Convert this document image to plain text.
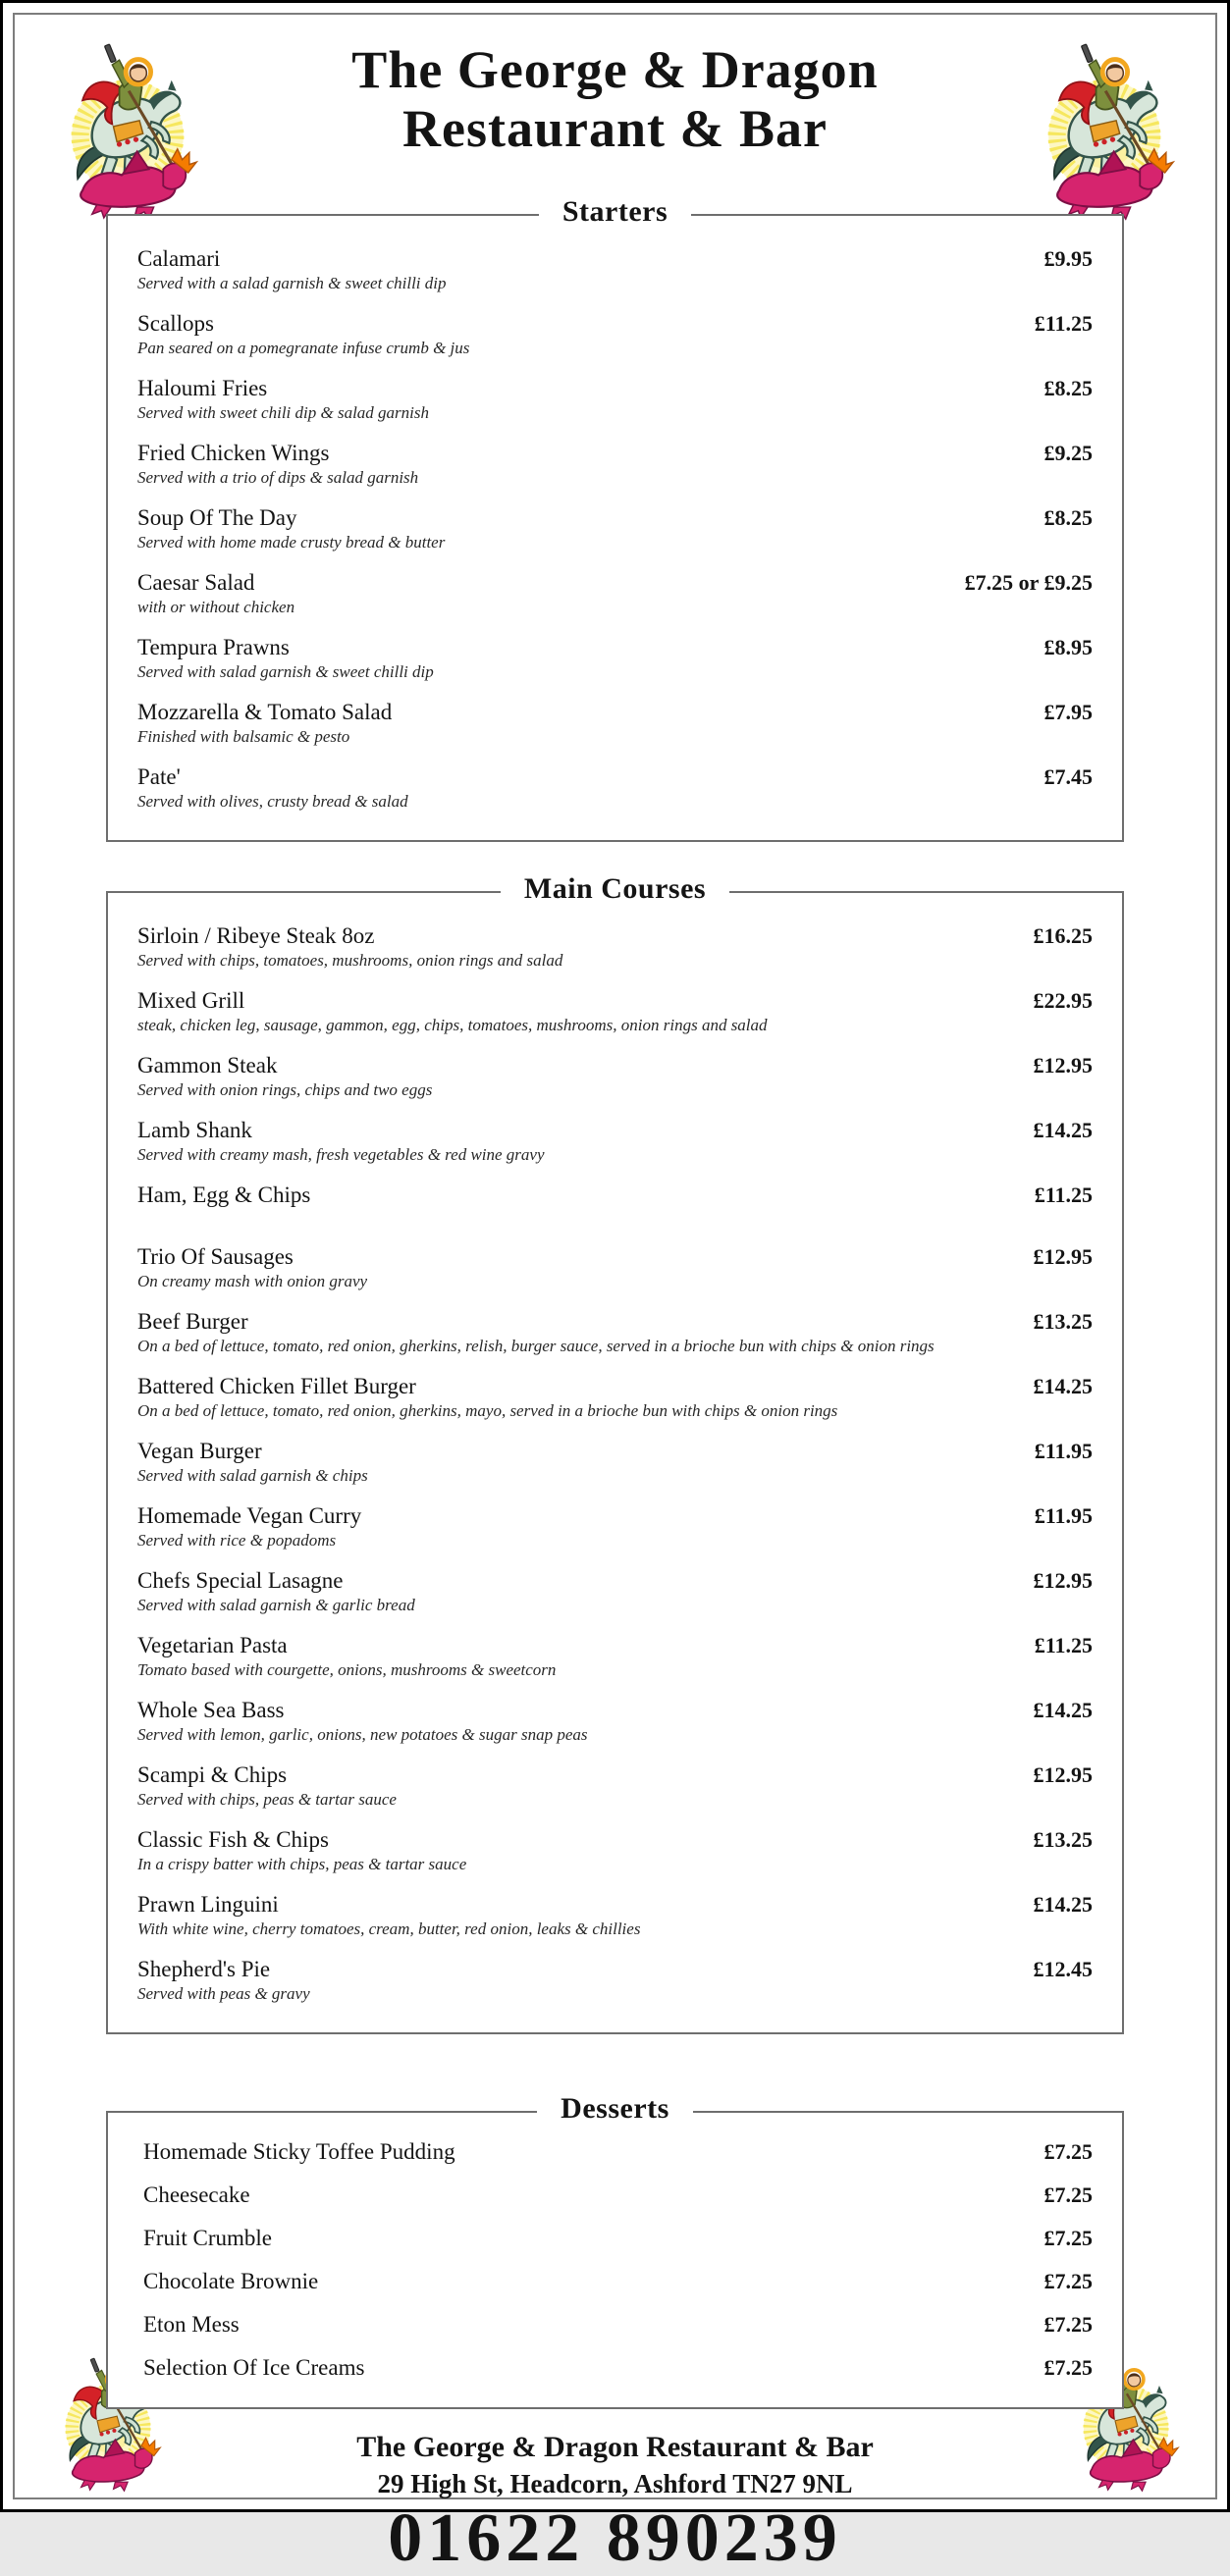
The George & Dragon
Restaurant & Bar
Starters
Calamari	£9.95
Served with a salad garnish & sweet chilli dip
Scallops	£11.25
Pan seared on a pomegranate infuse crumb & jus
Haloumi Fries	£8.25
Served with sweet chili dip & salad garnish
Fried Chicken Wings	£9.25
Served with a trio of dips & salad garnish
Soup Of The Day	£8.25
Served with home made crusty bread & butter
Caesar Salad	£7.25 or £9.25
with or without chicken
Tempura Prawns	£8.95
Served with salad garnish & sweet chilli dip
Mozzarella & Tomato Salad	£7.95
Finished with balsamic & pesto
Pate'	£7.45
Served with olives, crusty bread & salad
Main Courses
Sirloin / Ribeye Steak 8oz	£16.25
Served with chips, tomatoes, mushrooms, onion rings and salad
Mixed Grill	£22.95
steak, chicken leg, sausage, gammon, egg, chips, tomatoes, mushrooms, onion rings and salad
Gammon Steak	£12.95
Served with onion rings, chips and two eggs
Lamb Shank	£14.25
Served with creamy mash, fresh vegetables & red wine gravy
Ham, Egg & Chips	£11.25
Trio Of Sausages	£12.95
On creamy mash with onion gravy
Beef Burger	£13.25
On a bed of lettuce, tomato, red onion, gherkins, relish, burger sauce, served in a brioche bun with chips & onion rings
Battered Chicken Fillet Burger	£14.25
On a bed of lettuce, tomato, red onion, gherkins, mayo, served in a brioche bun with chips & onion rings
Vegan Burger	£11.95
Served with salad garnish & chips
Homemade Vegan Curry	£11.95
Served with rice & popadoms
Chefs Special Lasagne	£12.95
Served with salad garnish & garlic bread
Vegetarian Pasta	£11.25
Tomato based with courgette, onions, mushrooms & sweetcorn
Whole Sea Bass	£14.25
Served with lemon, garlic, onions, new potatoes & sugar snap peas
Scampi & Chips	£12.95
Served with chips, peas & tartar sauce
Classic Fish & Chips	£13.25
In a crispy batter with chips, peas & tartar sauce
Prawn Linguini	£14.25
With white wine, cherry tomatoes, cream, butter, red onion, leaks & chillies
Shepherd's Pie	£12.45
Served with peas & gravy
Desserts
Homemade Sticky Toffee Pudding	£7.25
Cheesecake	£7.25
Fruit Crumble	£7.25
Chocolate Brownie	£7.25
Eton Mess	£7.25
Selection Of Ice Creams	£7.25
The George & Dragon Restaurant & Bar
29 High St, Headcorn, Ashford TN27 9NL
01622 890239
